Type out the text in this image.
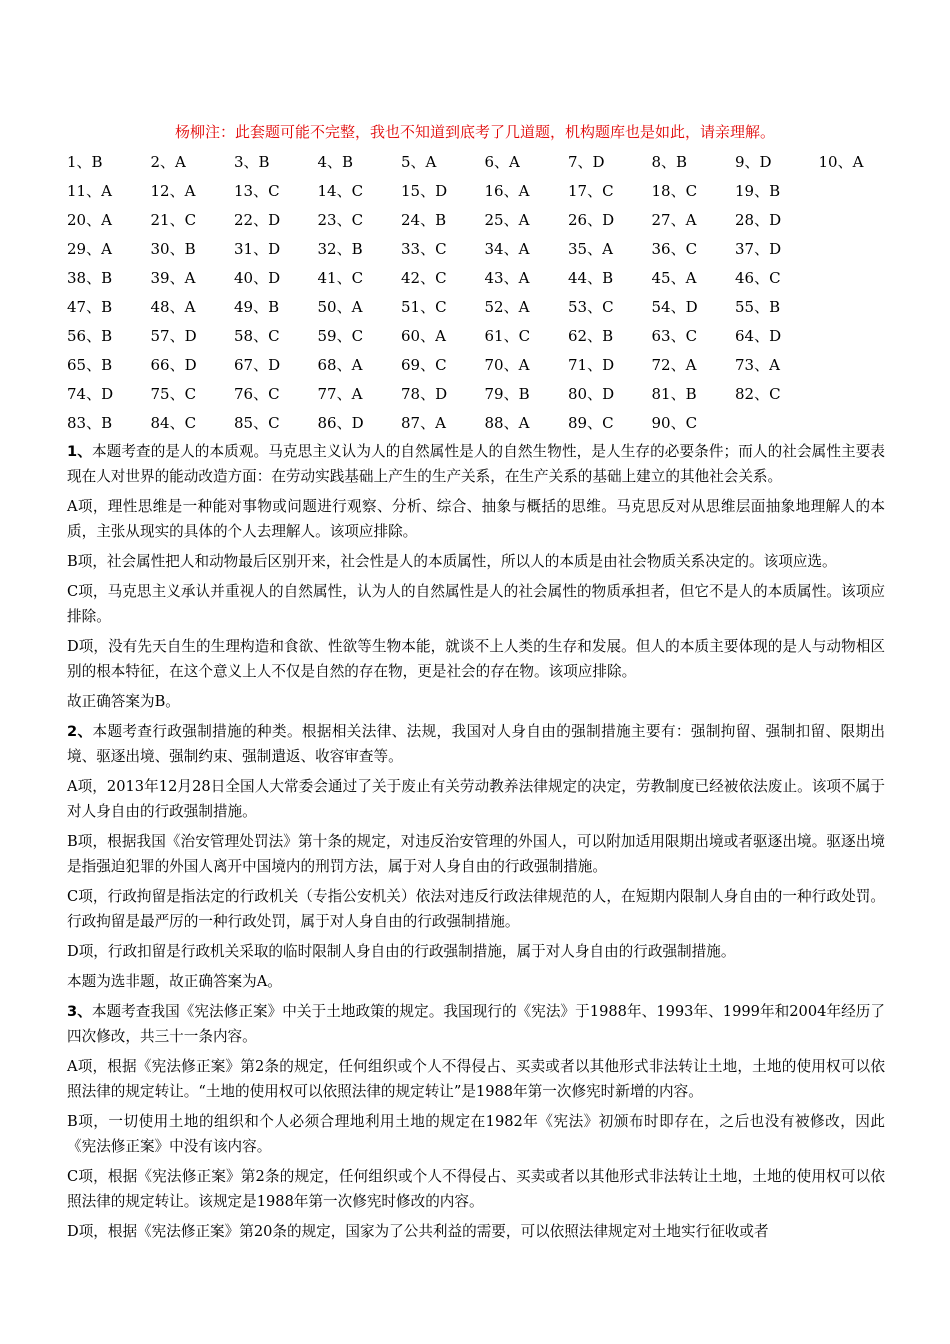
杨柳注：此套题可能不完整，我也不知道到底考了几道题，机构题库也是如此，请亲理解。
1、B	2、A	3、B	4、B	5、A	6、A	7、D	8、B	9、D	10、A
11、A	12、A	13、C	14、C	15、D	16、A	17、C	18、C	19、B
20、A	21、C	22、D	23、C	24、B	25、A	26、D	27、A	28、D
29、A	30、B	31、D	32、B	33、C	34、A	35、A	36、C	37、D
38、B	39、A	40、D	41、C	42、C	43、A	44、B	45、A	46、C
47、B	48、A	49、B	50、A	51、C	52、A	53、C	54、D	55、B
56、B	57、D	58、C	59、C	60、A	61、C	62、B	63、C	64、D
65、B	66、D	67、D	68、A	69、C	70、A	71、D	72、A	73、A
74、D	75、C	76、C	77、A	78、D	79、B	80、D	81、B	82、C
83、B	84、C	85、C	86、D	87、A	88、A	89、C	90、C

1、本题考查的是人的本质观。马克思主义认为人的自然属性是人的自然生物性，是人生存的必要条件；而人的社会属性主要表现在人对世界的能动改造方面：在劳动实践基础上产生的生产关系，在生产关系的基础上建立的其他社会关系。

A项，理性思维是一种能对事物或问题进行观察、分析、综合、抽象与概括的思维。马克思反对从思维层面抽象地理解人的本质，主张从现实的具体的个人去理解人。该项应排除。

B项，社会属性把人和动物最后区别开来，社会性是人的本质属性，所以人的本质是由社会物质关系决定的。该项应选。

C项，马克思主义承认并重视人的自然属性，认为人的自然属性是人的社会属性的物质承担者，但它不是人的本质属性。该项应排除。

D项，没有先天自生的生理构造和食欲、性欲等生物本能，就谈不上人类的生存和发展。但人的本质主要体现的是人与动物相区别的根本特征，在这个意义上人不仅是自然的存在物，更是社会的存在物。该项应排除。

故正确答案为B。

2、本题考查行政强制措施的种类。根据相关法律、法规，我国对人身自由的强制措施主要有：强制拘留、强制扣留、限期出境、驱逐出境、强制约束、强制遣返、收容审查等。

A项，2013年12月28日全国人大常委会通过了关于废止有关劳动教养法律规定的决定，劳教制度已经被依法废止。该项不属于对人身自由的行政强制措施。

B项，根据我国《治安管理处罚法》第十条的规定，对违反治安管理的外国人，可以附加适用限期出境或者驱逐出境。驱逐出境是指强迫犯罪的外国人离开中国境内的刑罚方法，属于对人身自由的行政强制措施。

C项，行政拘留是指法定的行政机关（专指公安机关）依法对违反行政法律规范的人，在短期内限制人身自由的一种行政处罚。行政拘留是最严厉的一种行政处罚，属于对人身自由的行政强制措施。

D项，行政扣留是行政机关采取的临时限制人身自由的行政强制措施，属于对人身自由的行政强制措施。

本题为选非题，故正确答案为A。

3、本题考查我国《宪法修正案》中关于土地政策的规定。我国现行的《宪法》于1988年、1993年、1999年和2004年经历了四次修改，共三十一条内容。

A项，根据《宪法修正案》第2条的规定，任何组织或个人不得侵占、买卖或者以其他形式非法转让土地，土地的使用权可以依照法律的规定转让。“土地的使用权可以依照法律的规定转让”是1988年第一次修宪时新增的内容。

B项，一切使用土地的组织和个人必须合理地利用土地的规定在1982年《宪法》初颁布时即存在，之后也没有被修改，因此《宪法修正案》中没有该内容。

C项，根据《宪法修正案》第2条的规定，任何组织或个人不得侵占、买卖或者以其他形式非法转让土地，土地的使用权可以依照法律的规定转让。该规定是1988年第一次修宪时修改的内容。

D项，根据《宪法修正案》第20条的规定，国家为了公共利益的需要，可以依照法律规定对土地实行征收或者
